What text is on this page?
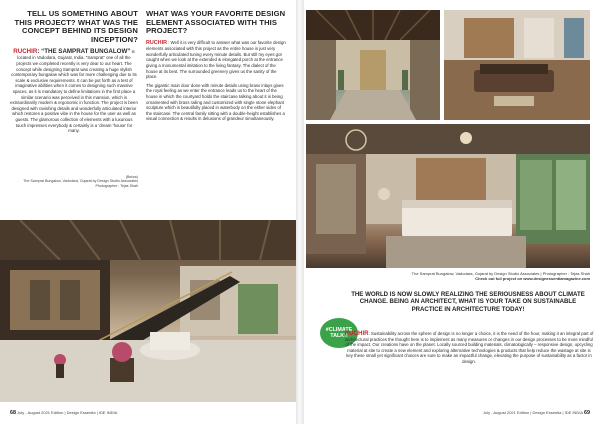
TELL US SOMETHING ABOUT THIS PROJECT? WHAT WAS THE CONCEPT BEHIND ITS DESIGN INCEPTION?

RUCHIR: “THE SAMPRAT BUNGALOW” is located in Vadodara, Gujarat, India. “Samprat” one of all the projects we completed recently is very dear to our heart. The concept while designing Samprat was creating a huge stylish contemporary bungalow which was far more challenging due to its scale & exclusive requirements. It can be put forth as a test of imaginative abilities when it comes to designing such massive spaces, as it is mandatory to define limitations in the first place a similar scenario was perceived in this mansion, which is extraordinarily modern & ergonomic in function. The project is been designed with ravishing details and wonderfully articulated interior which restores a positive vibe in the house for the user as well as guests. The glamorous collection of elements with a luxurious touch impresses everybody & certainly is a ‘dream ‘house’ for many.

(Below)
The Samprat Bungalow, Vadodara, Gujarat by Design Studio Associates
Photographer : Tejas Shah
WHAT WAS YOUR FAVORITE DESIGN ELEMENT ASSOCIATED WITH THIS PROJECT?

RUCHIR : Well it is very difficult to answer what was our favorite design elements associated with this project as the entire house is just very wonderfully articulated tuning every minute details. But still my eyes got caught when we look at the extended & elongated porch at the entrance giving a monumental imitation to the living fantasy. The dialect of the house at its best. The surrounded greenery gives us the sanity of the place.

The gigantic main door done with minute details using brass inlays gives the royal feeling as we enter the entrance leads us to the heart of the house in which the courtyard holds the staircase talking about it is being ornamented with brass railing and customized with single stone elephant sculpture which is beautifully placed in waterbody on the either sides of the staircase. The central family sitting with a double-height establishes a visual connection & results in delusions of grandeur simultaneously.

68 July - August 2021 Edition | Design Essentia | IDE INDIA
The Samprat Bungalow, Vadodara, Gujarat by Design Studio Associates | Photographer : Tejas Shah
Check out full project on www.designessentiamagazine.com
THE WORLD IS NOW SLOWLY REALIZING THE SERIOUSNESS ABOUT CLIMATE CHANGE. BEING AN ARCHITECT, WHAT IS YOUR TAKE ON SUSTAINABLE PRACTICE IN ARCHITECTURE TODAY!
#CLIMATE TALK!!
RUCHIR: Sustainability across the sphere of design is no longer a choice, it is the need of the hour, making it an integral part of architectural practices the thought here is to implement as many measures or changes in our design processes to be more mindful of the impact. Our creations have on the planet. Locally sourced building materials, climatologically – responsive design, upcycling material at site to create a new element and exploring alternative technologies & products that help reduce the wastage at site is key these small yet significant choices are sure to make an impactful change, elevating the purpose of sustainability as a factor in design.
July - August 2021 Edition | Design Essentia | IDE INDIA 69
